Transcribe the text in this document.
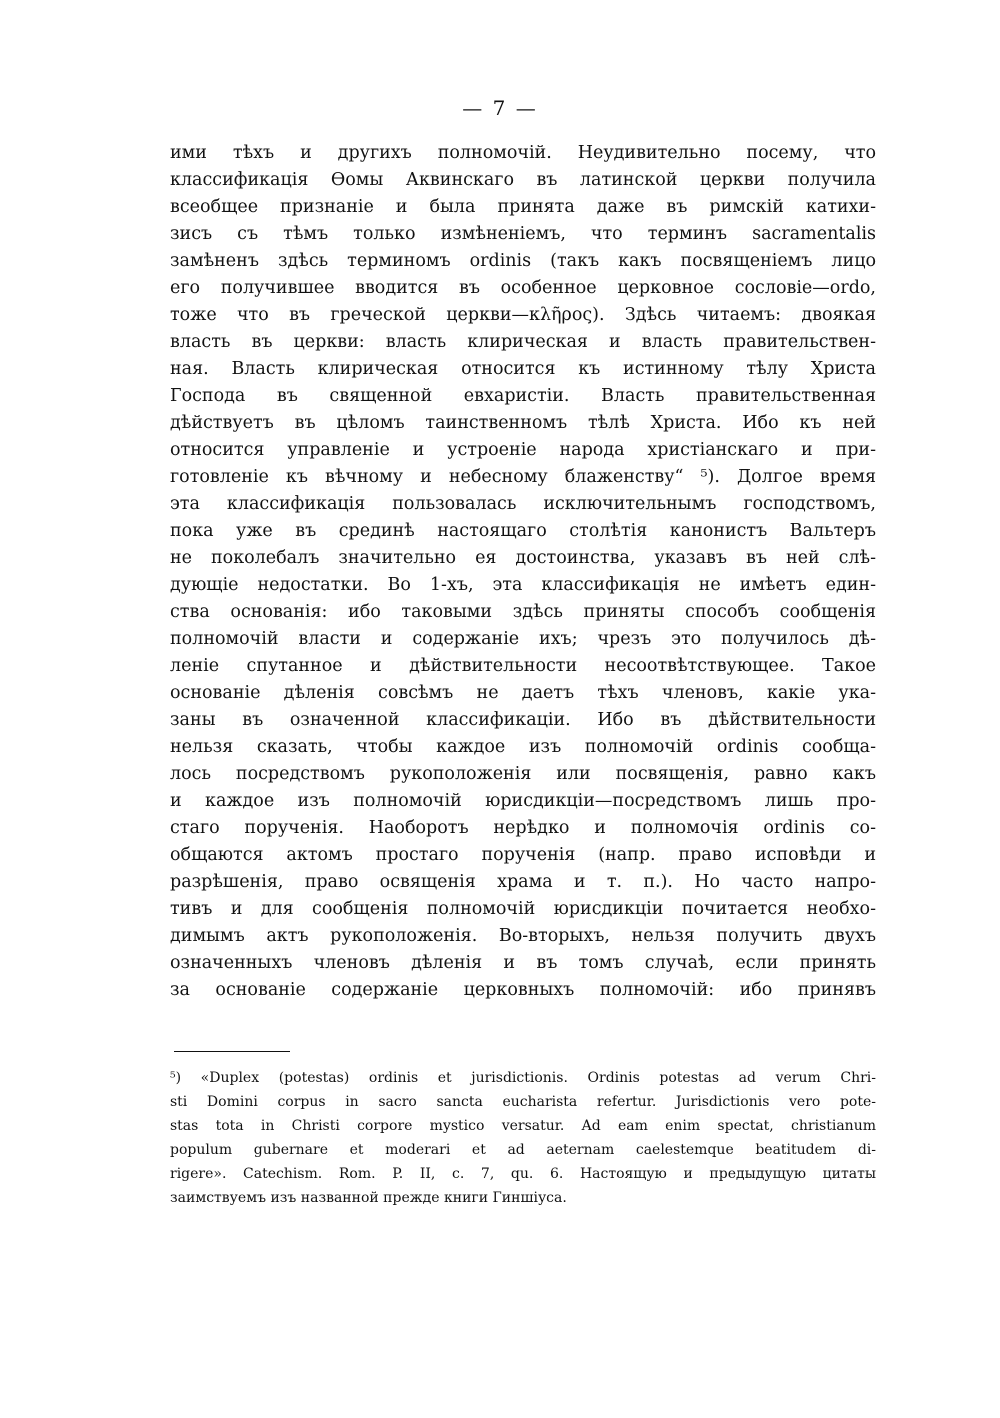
— 7 —
ими тѣхъ и другихъ полномочій. Неудивительно посему, что
классификація Ѳомы Аквинскаго въ латинской церкви получила
всеобщее признаніе и была принята даже въ римскій катихи-
зисъ съ тѣмъ только измѣненіемъ, что терминъ sacramentalis
замѣненъ здѣсь терминомъ ordinis (такъ какъ посвященіемъ лицо
его получившее вводится въ особенное церковное сословіе—ordo,
тоже что въ греческой церкви—κλῆρος). Здѣсь читаемъ: двоякая
власть въ церкви: власть клирическая и власть правительствен-
ная. Власть клирическая относится къ истинному тѣлу Христа
Господа въ священной евхаристіи. Власть правительственная
дѣйствуетъ въ цѣломъ таинственномъ тѣлѣ Христа. Ибо къ ней
относится управленіе и устроеніе народа христіанскаго и при-
готовленіе къ вѣчному и небесному блаженству“ ⁵). Долгое время
эта классификація пользовалась исключительнымъ господствомъ,
пока уже въ срединѣ настоящаго столѣтія канонистъ Вальтеръ
не поколебалъ значительно ея достоинства, указавъ въ ней слѣ-
дующіе недостатки. Во 1-хъ, эта классификація не имѣетъ един-
ства основанія: ибо таковыми здѣсь приняты способъ сообщенія
полномочій власти и содержаніе ихъ; чрезъ это получилось дѣ-
леніе спутанное и дѣйствительности несоотвѣтствующее. Такое
основаніе дѣленія совсѣмъ не даетъ тѣхъ членовъ, какіе ука-
заны въ означенной классификаціи. Ибо въ дѣйствительности
нельзя сказать, чтобы каждое изъ полномочій ordinis сообща-
лось посредствомъ рукоположенія или посвященія, равно какъ
и каждое изъ полномочій юрисдикціи—посредствомъ лишь про-
стаго порученія. Наоборотъ нерѣдко и полномочія ordinis со-
общаются актомъ простаго порученія (напр. право исповѣди и
разрѣшенія, право освященія храма и т. п.). Но часто напро-
тивъ и для сообщенія полномочій юрисдикціи почитается необхо-
димымъ актъ рукоположенія. Во-вторыхъ, нельзя получить двухъ
означенныхъ членовъ дѣленія и въ томъ случаѣ, если принять
за основаніе содержаніе церковныхъ полномочій: ибо принявъ
⁵) «Duplex (potestas) ordinis et jurisdictionis. Ordinis potestas ad verum Chri-
sti Domini corpus in sacro sancta eucharista refertur. Jurisdictionis vero pote-
stas tota in Christi corpore mystico versatur. Ad eam enim spectat, christianum
populum gubernare et moderari et ad aeternam caelestemque beatitudem di-
rigere». Catechism. Rom. P. II, c. 7, qu. 6. Настоящую и предыдущую цитаты
заимствуемъ изъ названной прежде книги Гиншіуса.
